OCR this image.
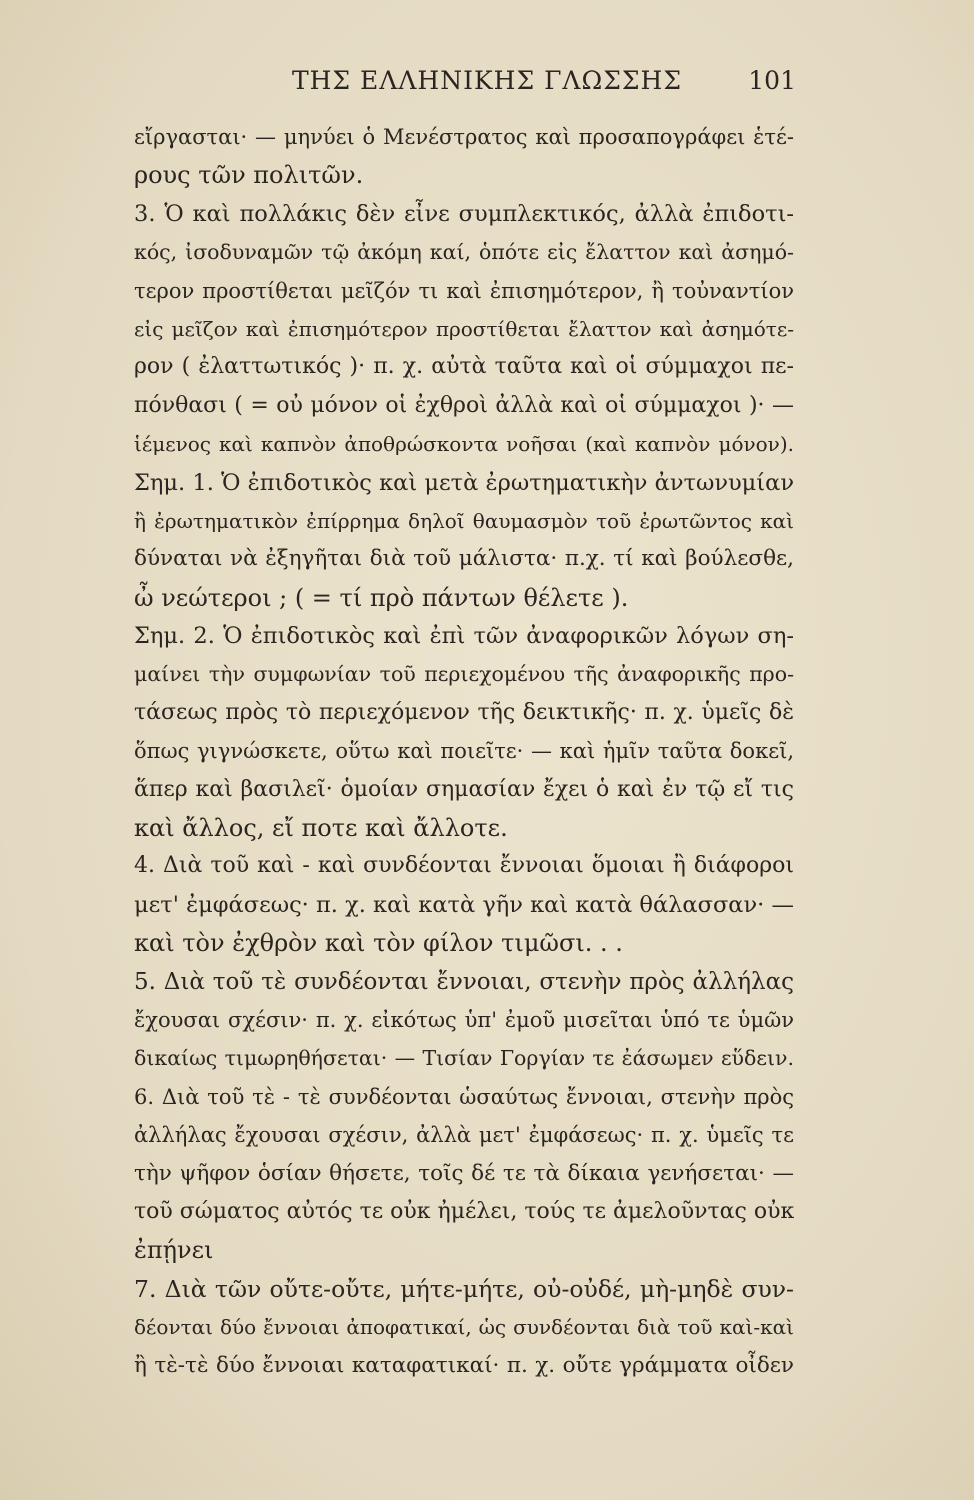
ΤΗΣ ΕΛΛΗΝΙΚΗΣ ΓΛΩΣΣΗΣ	101
εἴργασται· — μηνύει ὁ Μενέστρατος καὶ προσαπογράφει ἑτέ-
ρους τῶν πολιτῶν.
3. Ὁ καὶ πολλάκις δὲν εἶνε συμπλεκτικός, ἀλλὰ ἐπιδοτι-
κός, ἰσοδυναμῶν τῷ ἀκόμη καί, ὁπότε εἰς ἔλαττον καὶ ἀσημό-
τερον προστίθεται μεῖζόν τι καὶ ἐπισημότερον, ἢ τοὐναντίον
εἰς μεῖζον καὶ ἐπισημότερον προστίθεται ἔλαττον καὶ ἀσημότε-
ρον ( ἐλαττωτικός )· π. χ. αὐτὰ ταῦτα καὶ οἱ σύμμαχοι πε-
πόνθασι ( = οὐ μόνον οἱ ἐχθροὶ ἀλλὰ καὶ οἱ σύμμαχοι )· —
ἱέμενος καὶ καπνὸν ἀποθρώσκοντα νοῆσαι (καὶ καπνὸν μόνον).
Σημ. 1. Ὁ ἐπιδοτικὸς καὶ μετὰ ἐρωτηματικὴν ἀντωνυμίαν
ἢ ἐρωτηματικὸν ἐπίρρημα δηλοῖ θαυμασμὸν τοῦ ἐρωτῶντος καὶ
δύναται νὰ ἐξηγῆται διὰ τοῦ μάλιστα· π.χ. τί καὶ βούλεσθε,
ὦ νεώτεροι ; ( = τί πρὸ πάντων θέλετε ).
Σημ. 2. Ὁ ἐπιδοτικὸς καὶ ἐπὶ τῶν ἀναφορικῶν λόγων ση-
μαίνει τὴν συμφωνίαν τοῦ περιεχομένου τῆς ἀναφορικῆς προ-
τάσεως πρὸς τὸ περιεχόμενον τῆς δεικτικῆς· π. χ. ὑμεῖς δὲ
ὅπως γιγνώσκετε, οὕτω καὶ ποιεῖτε· — καὶ ἡμῖν ταῦτα δοκεῖ,
ἅπερ καὶ βασιλεῖ· ὁμοίαν σημασίαν ἔχει ὁ καὶ ἐν τῷ εἴ τις
καὶ ἄλλος, εἴ ποτε καὶ ἄλλοτε.
4. Διὰ τοῦ καὶ - καὶ συνδέονται ἔννοιαι ὅμοιαι ἢ διάφοροι
μετ' ἐμφάσεως· π. χ. καὶ κατὰ γῆν καὶ κατὰ θάλασσαν· —
καὶ τὸν ἐχθρὸν καὶ τὸν φίλον τιμῶσι. . .
5. Διὰ τοῦ τὲ συνδέονται ἔννοιαι, στενὴν πρὸς ἀλλήλας
ἔχουσαι σχέσιν· π. χ. εἰκότως ὑπ' ἐμοῦ μισεῖται ὑπό τε ὑμῶν
δικαίως τιμωρηθήσεται· — Τισίαν Γοργίαν τε ἐάσωμεν εὕδειν.
6. Διὰ τοῦ τὲ - τὲ συνδέονται ὡσαύτως ἔννοιαι, στενὴν πρὸς
ἀλλήλας ἔχουσαι σχέσιν, ἀλλὰ μετ' ἐμφάσεως· π. χ. ὑμεῖς τε
τὴν ψῆφον ὁσίαν θήσετε, τοῖς δέ τε τὰ δίκαια γενήσεται· —
τοῦ σώματος αὐτός τε οὐκ ἠμέλει, τούς τε ἀμελοῦντας οὐκ
ἐπῄνει
7. Διὰ τῶν οὔτε-οὔτε, μήτε-μήτε, οὐ-οὐδέ, μὴ-μηδὲ συν-
δέονται δύο ἔννοιαι ἀποφατικαί, ὡς συνδέονται διὰ τοῦ καὶ-καὶ
ἢ τὲ-τὲ δύο ἔννοιαι καταφατικαί· π. χ. οὔτε γράμματα οἶδεν
